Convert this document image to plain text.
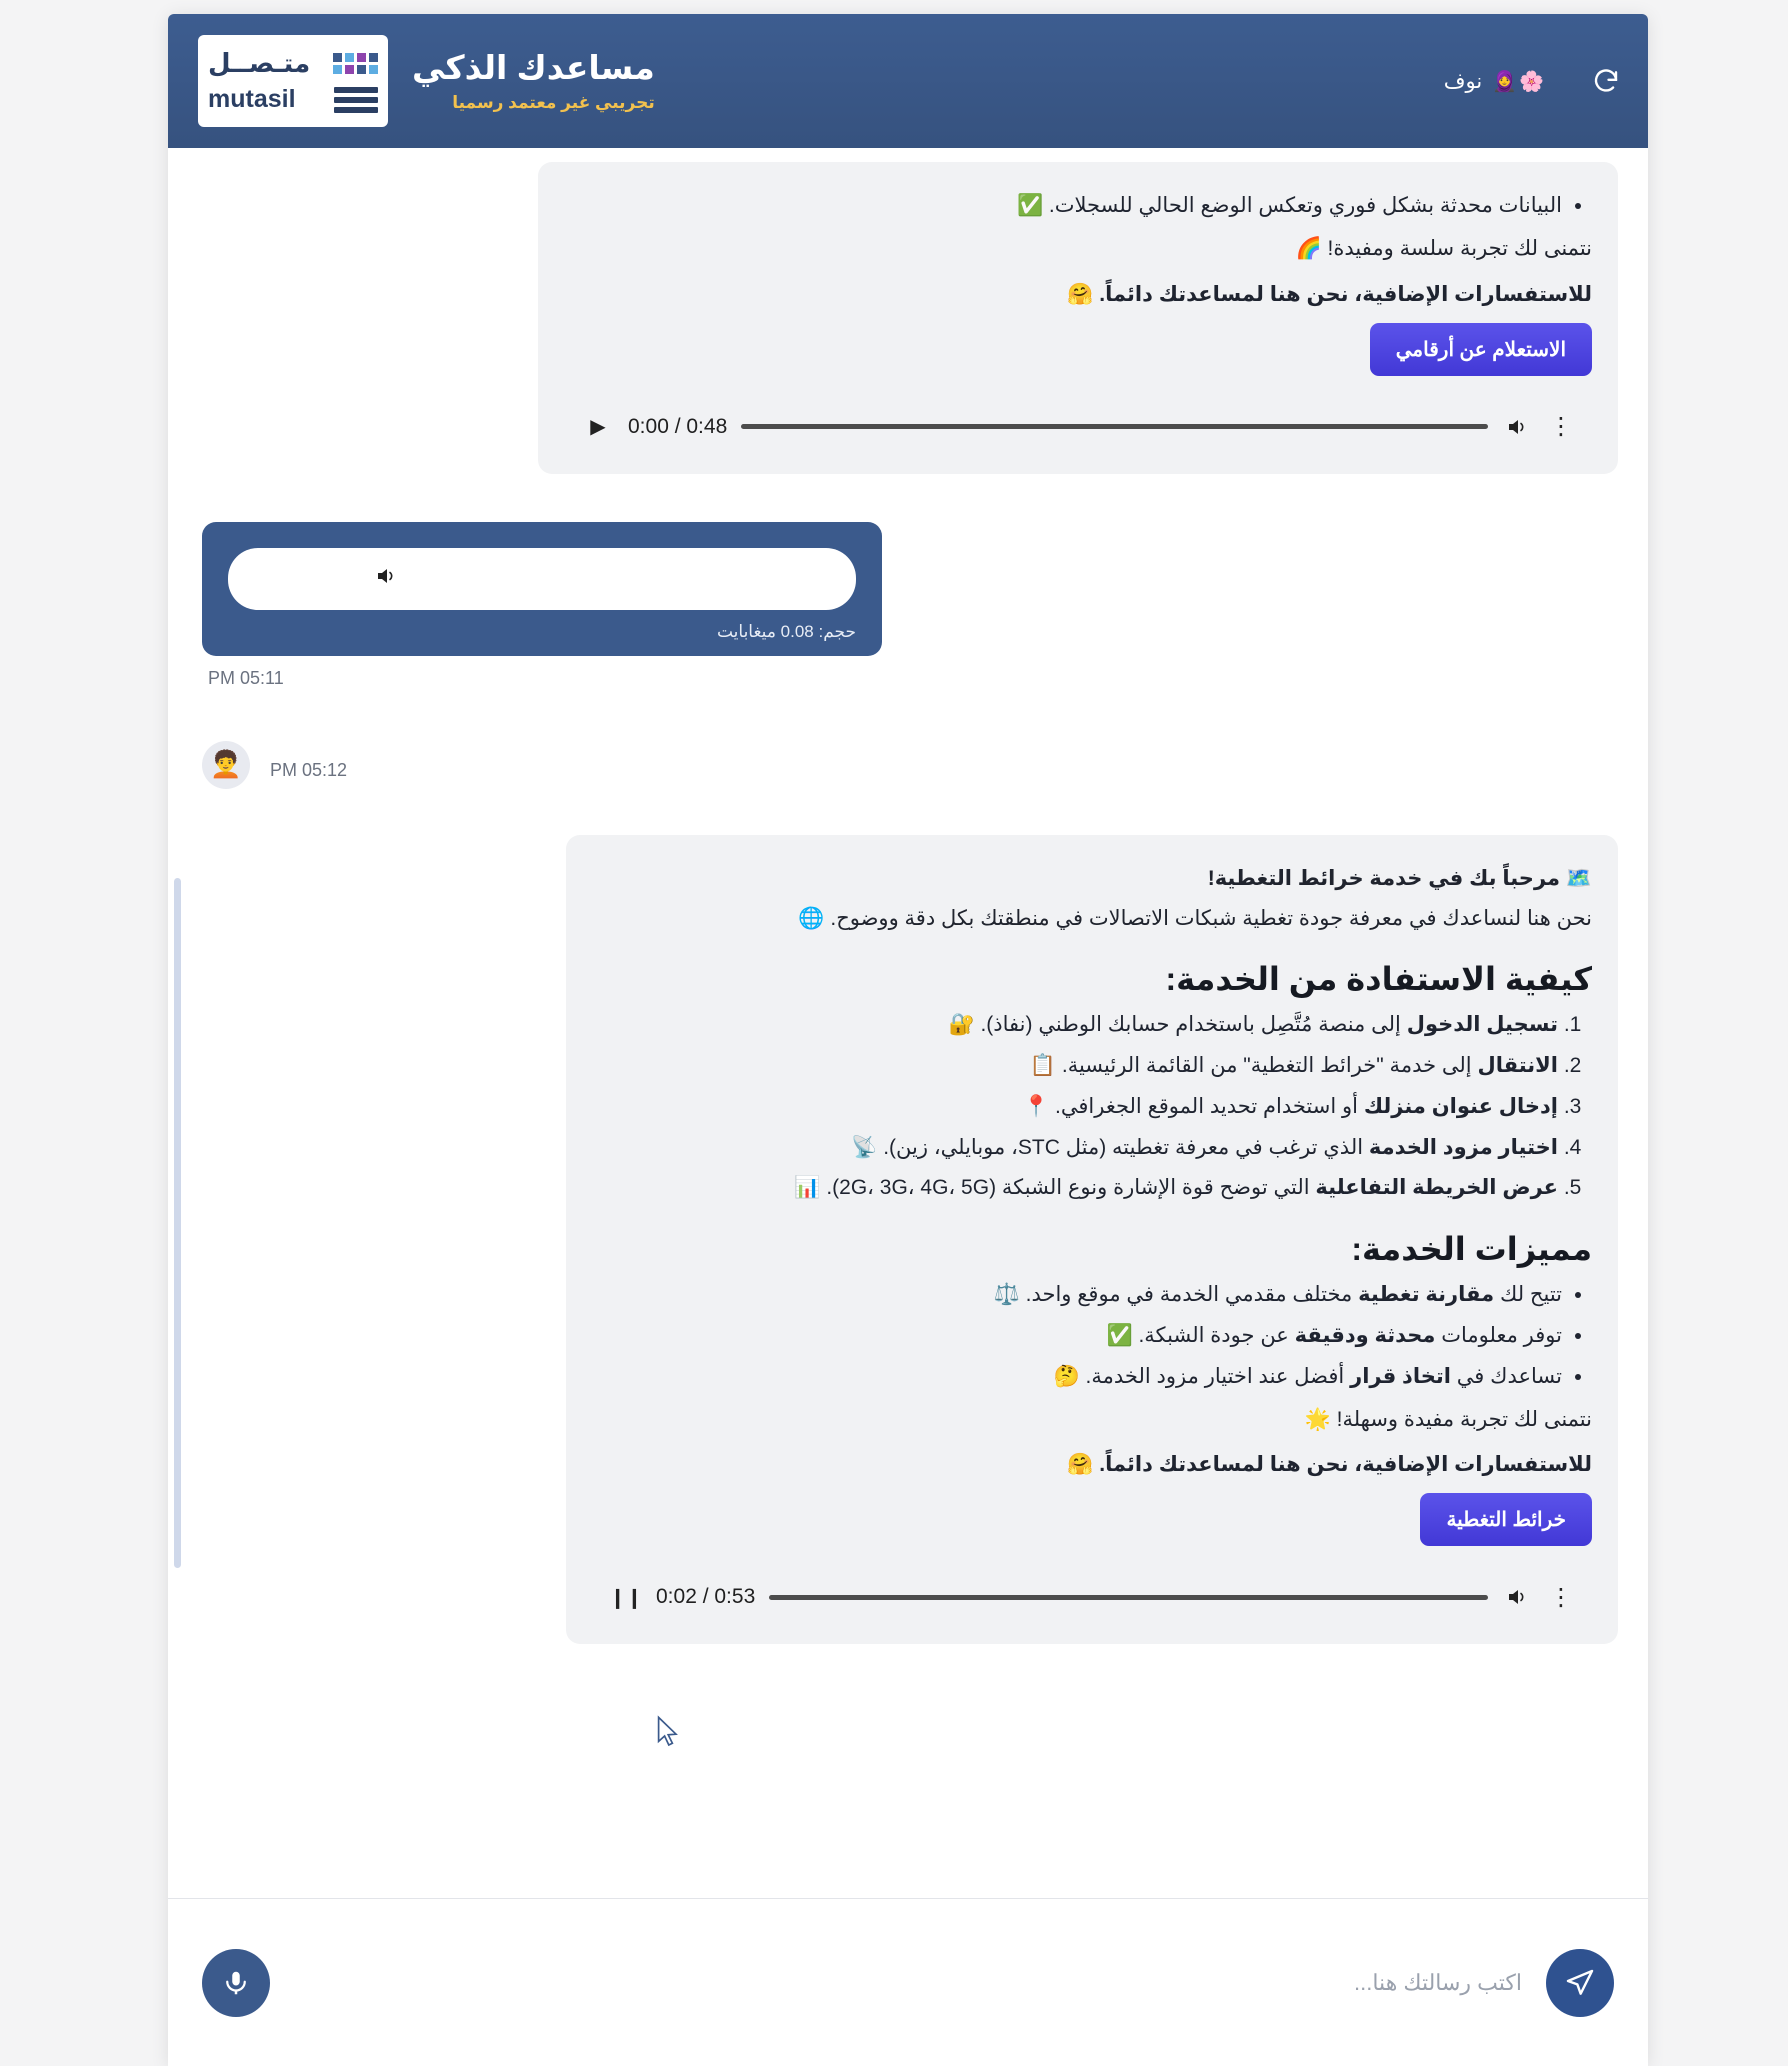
🌸🧕
نوف
مساعدك الذكي
تجريبي غير معتمد رسميا
متـصــل
mutasil
• البيانات محدثة بشكل فوري وتعكس الوضع الحالي للسجلات. ✅
نتمنى لك تجربة سلسة ومفيدة! 🌈
للاستفسارات الإضافية، نحن هنا لمساعدتك دائماً. 🤗
الاستعلام عن أرقامي
▶	0:00 / 0:48	⋮
▶ 0:00 / 0:05	⋮
حجم: 0.08 ميغابايت
PM 05:11
🧑‍🦱	PM 05:12
🗺️ مرحباً بك في خدمة خرائط التغطية!
نحن هنا لنساعدك في معرفة جودة تغطية شبكات الاتصالات في منطقتك بكل دقة ووضوح. 🌐
كيفية الاستفادة من الخدمة:
1. تسجيل الدخول إلى منصة مُتَّصِل باستخدام حسابك الوطني (نفاذ). 🔐
2. الانتقال إلى خدمة "خرائط التغطية" من القائمة الرئيسية. 📋
3. إدخال عنوان منزلك أو استخدام تحديد الموقع الجغرافي. 📍
4. اختيار مزود الخدمة الذي ترغب في معرفة تغطيته (مثل STC، موبايلي، زين). 📡
5. عرض الخريطة التفاعلية التي توضح قوة الإشارة ونوع الشبكة (2G، 3G، 4G، 5G). 📊
مميزات الخدمة:
• تتيح لك مقارنة تغطية مختلف مقدمي الخدمة في موقع واحد. ⚖️
• توفر معلومات محدثة ودقيقة عن جودة الشبكة. ✅
• تساعدك في اتخاذ قرار أفضل عند اختيار مزود الخدمة. 🤔
نتمنى لك تجربة مفيدة وسهلة! 🌟
للاستفسارات الإضافية، نحن هنا لمساعدتك دائماً. 🤗
خرائط التغطية
❙❙ 0:02 / 0:53	⋮
اكتب رسالتك هنا...
